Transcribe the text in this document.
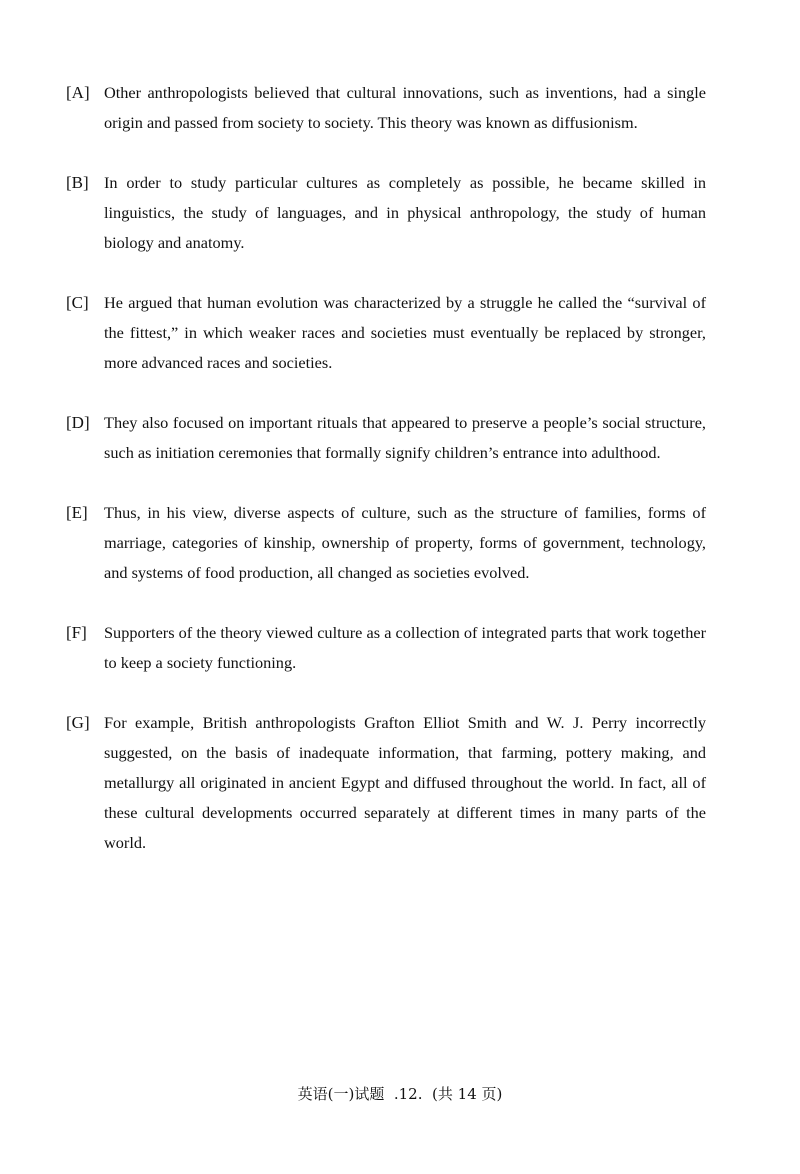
[A] Other anthropologists believed that cultural innovations, such as inventions, had a single origin and passed from society to society. This theory was known as diffusionism.
[B] In order to study particular cultures as completely as possible, he became skilled in linguistics, the study of languages, and in physical anthropology, the study of human biology and anatomy.
[C] He argued that human evolution was characterized by a struggle he called the “survival of the fittest,” in which weaker races and societies must eventually be replaced by stronger, more advanced races and societies.
[D] They also focused on important rituals that appeared to preserve a people’s social structure, such as initiation ceremonies that formally signify children’s entrance into adulthood.
[E] Thus, in his view, diverse aspects of culture, such as the structure of families, forms of marriage, categories of kinship, ownership of property, forms of government, technology, and systems of food production, all changed as societies evolved.
[F]	Supporters of the theory viewed culture as a collection of integrated parts that work together to keep a society functioning.
[G] For example, British anthropologists Grafton Elliot Smith and W. J. Perry incorrectly suggested, on the basis of inadequate information, that farming, pottery making, and metallurgy all originated in ancient Egypt and diffused throughout the world. In fact, all of these cultural developments occurred separately at different times in many parts of the world.
英语(一)试题 .12. (共 14 页)
